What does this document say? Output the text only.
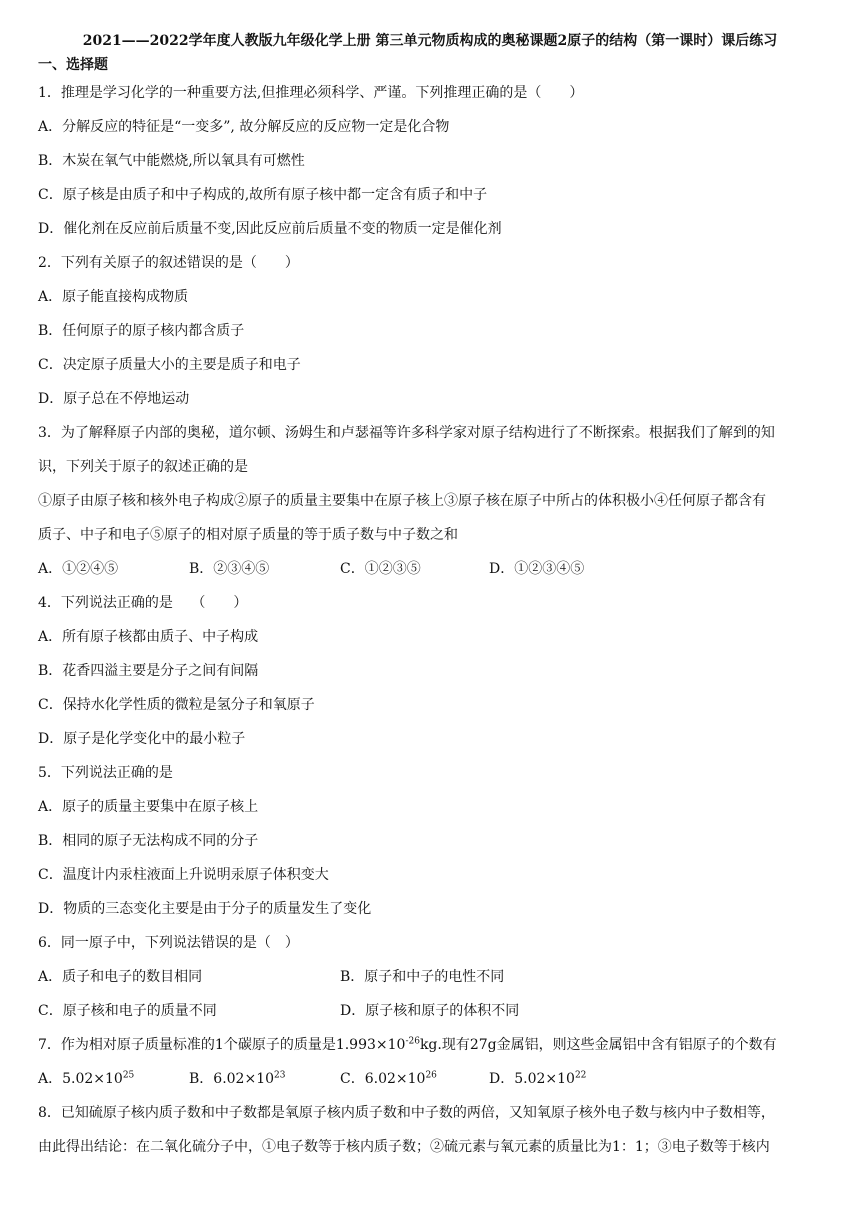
2021——2022学年度人教版九年级化学上册 第三单元物质构成的奥秘课题2原子的结构（第一课时）课后练习
一、选择题
1．推理是学习化学的一种重要方法,但推理必须科学、严谨。下列推理正确的是（　　）
A．分解反应的特征是“一变多”, 故分解反应的反应物一定是化合物
B．木炭在氧气中能燃烧,所以氧具有可燃性
C．原子核是由质子和中子构成的,故所有原子核中都一定含有质子和中子
D．催化剂在反应前后质量不变,因此反应前后质量不变的物质一定是催化剂
2．下列有关原子的叙述错误的是（　　）
A．原子能直接构成物质
B．任何原子的原子核内都含质子
C．决定原子质量大小的主要是质子和电子
D．原子总在不停地运动
3．为了解释原子内部的奥秘，道尔顿、汤姆生和卢瑟福等许多科学家对原子结构进行了不断探索。根据我们了解到的知
识，下列关于原子的叙述正确的是
①原子由原子核和核外电子构成②原子的质量主要集中在原子核上③原子核在原子中所占的体积极小④任何原子都含有
质子、中子和电子⑤原子的相对原子质量的等于质子数与中子数之和
A．①②④⑤	B．②③④⑤	C．①②③⑤	D．①②③④⑤
4．下列说法正确的是　 （　　）
A．所有原子核都由质子、中子构成
B．花香四溢主要是分子之间有间隔
C．保持水化学性质的微粒是氢分子和氧原子
D．原子是化学变化中的最小粒子
5．下列说法正确的是
A．原子的质量主要集中在原子核上
B．相同的原子无法构成不同的分子
C．温度计内汞柱液面上升说明汞原子体积变大
D．物质的三态变化主要是由于分子的质量发生了变化
6．同一原子中，下列说法错误的是（　）
A．质子和电子的数目相同	B．原子和中子的电性不同
C．原子核和电子的质量不同	D．原子核和原子的体积不同
7．作为相对原子质量标准的1个碳原子的质量是$1.993\times 10^{-26}kg$.现有27g金属铝，则这些金属铝中含有铝原子的个数有
A．$5.02\times 10^{25}$	B．$6.02\times 10^{23}$	C．$6.02\times 10^{26}$	D．$5.02\times 10^{22}$
8．已知硫原子核内质子数和中子数都是氧原子核内质子数和中子数的两倍，又知氧原子核外电子数与核内中子数相等，
由此得出结论：在二氧化硫分子中，①电子数等于核内质子数；②硫元素与氧元素的质量比为1：1；③电子数等于核内
